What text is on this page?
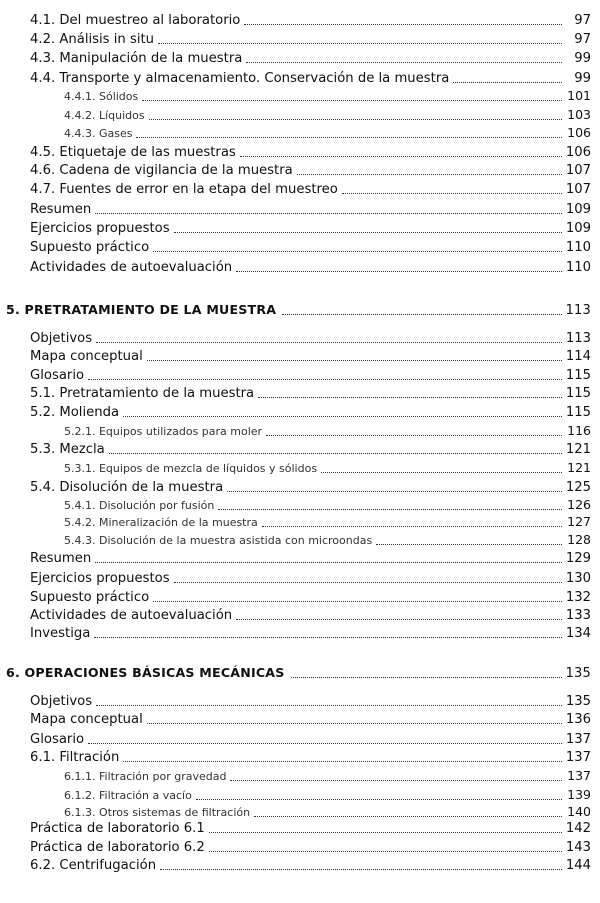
4.1. Del muestreo al laboratorio	97
4.2. Análisis in situ	97
4.3. Manipulación de la muestra	99
4.4. Transporte y almacenamiento. Conservación de la muestra	99
4.4.1. Sólidos	101
4.4.2. Líquidos	103
4.4.3. Gases	106
4.5. Etiquetaje de las muestras	106
4.6. Cadena de vigilancia de la muestra	107
4.7. Fuentes de error en la etapa del muestreo	107
Resumen	109
Ejercicios propuestos	109
Supuesto práctico	110
Actividades de autoevaluación	110
5. PRETRATAMIENTO DE LA MUESTRA	113
Objetivos	113
Mapa conceptual	114
Glosario	115
5.1. Pretratamiento de la muestra	115
5.2. Molienda	115
5.2.1. Equipos utilizados para moler	116
5.3. Mezcla	121
5.3.1. Equipos de mezcla de líquidos y sólidos	121
5.4. Disolución de la muestra	125
5.4.1. Disolución por fusión	126
5.4.2. Mineralización de la muestra	127
5.4.3. Disolución de la muestra asistida con microondas	128
Resumen	129
Ejercicios propuestos	130
Supuesto práctico	132
Actividades de autoevaluación	133
Investiga	134
6. OPERACIONES BÁSICAS MECÁNICAS	135
Objetivos	135
Mapa conceptual	136
Glosario	137
6.1. Filtración	137
6.1.1. Filtración por gravedad	137
6.1.2. Filtración a vacío	139
6.1.3. Otros sistemas de filtración	140
Práctica de laboratorio 6.1	142
Práctica de laboratorio 6.2	143
6.2. Centrifugación	144
